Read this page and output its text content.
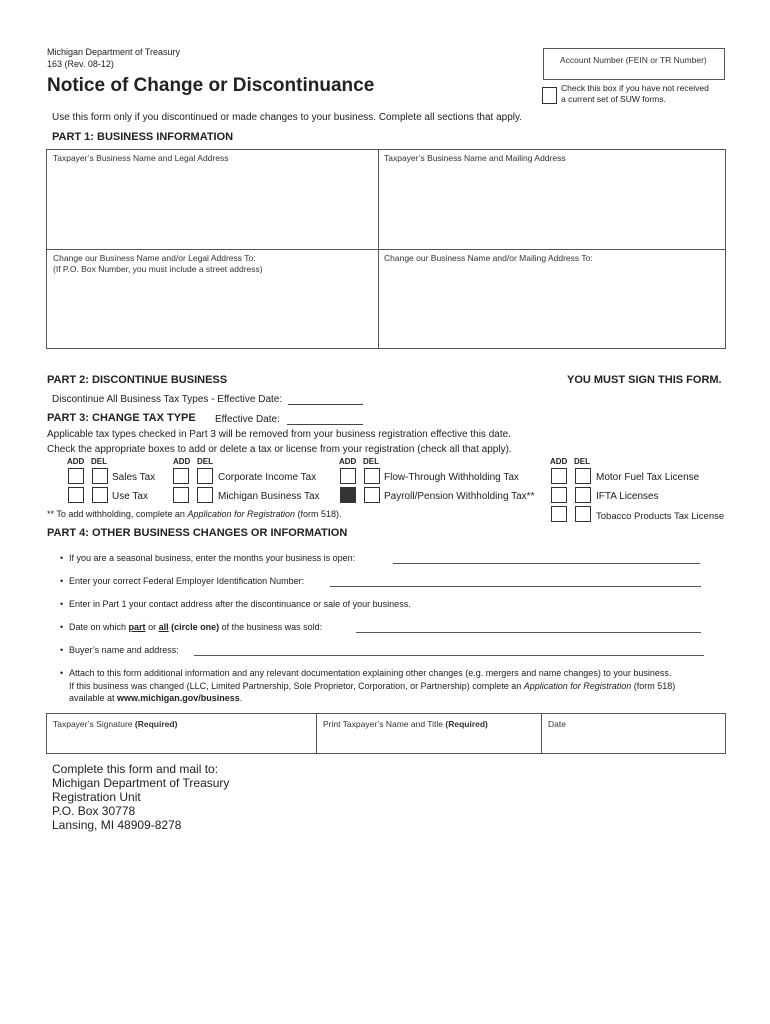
Michigan Department of Treasury
163 (Rev. 08-12)
Notice of Change or Discontinuance
Account Number (FEIN or TR Number)
Check this box if you have not received
a current set of SUW forms.
Use this form only if you discontinued or made changes to your business. Complete all sections that apply.
PART 1: BUSINESS INFORMATION
Taxpayer’s Business Name and Legal Address	Taxpayer’s Business Name and Mailing Address
Change our Business Name and/or Legal Address To:
(If P.O. Box Number, you must include a street address)
Change our Business Name and/or Mailing Address To:
PART 2: DISCONTINUE BUSINESS	YOU MUST SIGN THIS FORM.
Discontinue All Business Tax Types - Effective Date:
PART 3: CHANGE TAX TYPE Effective Date:
Applicable tax types checked in Part 3 will be removed from your business registration effective this date.
Check the appropriate boxes to add or delete a tax or license from your registration (check all that apply).
ADD DEL	ADD DEL	ADD DEL	ADD DEL
Sales Tax
Use Tax
Corporate Income Tax
Michigan Business Tax
Flow-Through Withholding Tax
Payroll/Pension Withholding Tax**
Motor Fuel Tax License
IFTA Licenses
Tobacco Products Tax License
** To add withholding, complete an Application for Registration (form 518).
PART 4: OTHER BUSINESS CHANGES OR INFORMATION
• If you are a seasonal business, enter the months your business is open:
• Enter your correct Federal Employer Identification Number:
• Enter in Part 1 your contact address after the discontinuance or sale of your business.
• Date on which part or all (circle one) of the business was sold:
• Buyer’s name and address:
• Attach to this form additional information and any relevant documentation explaining other changes (e.g. mergers and name changes) to your business.
If this business was changed (LLC, Limited Partnership, Sole Proprietor, Corporation, or Partnership) complete an Application for Registration (form 518)
available at www.michigan.gov/business.
Taxpayer’s Signature (Required)	Print Taxpayer’s Name and Title (Required)	Date
Complete this form and mail to:
Michigan Department of Treasury
Registration Unit
P.O. Box 30778
Lansing, MI 48909-8278
